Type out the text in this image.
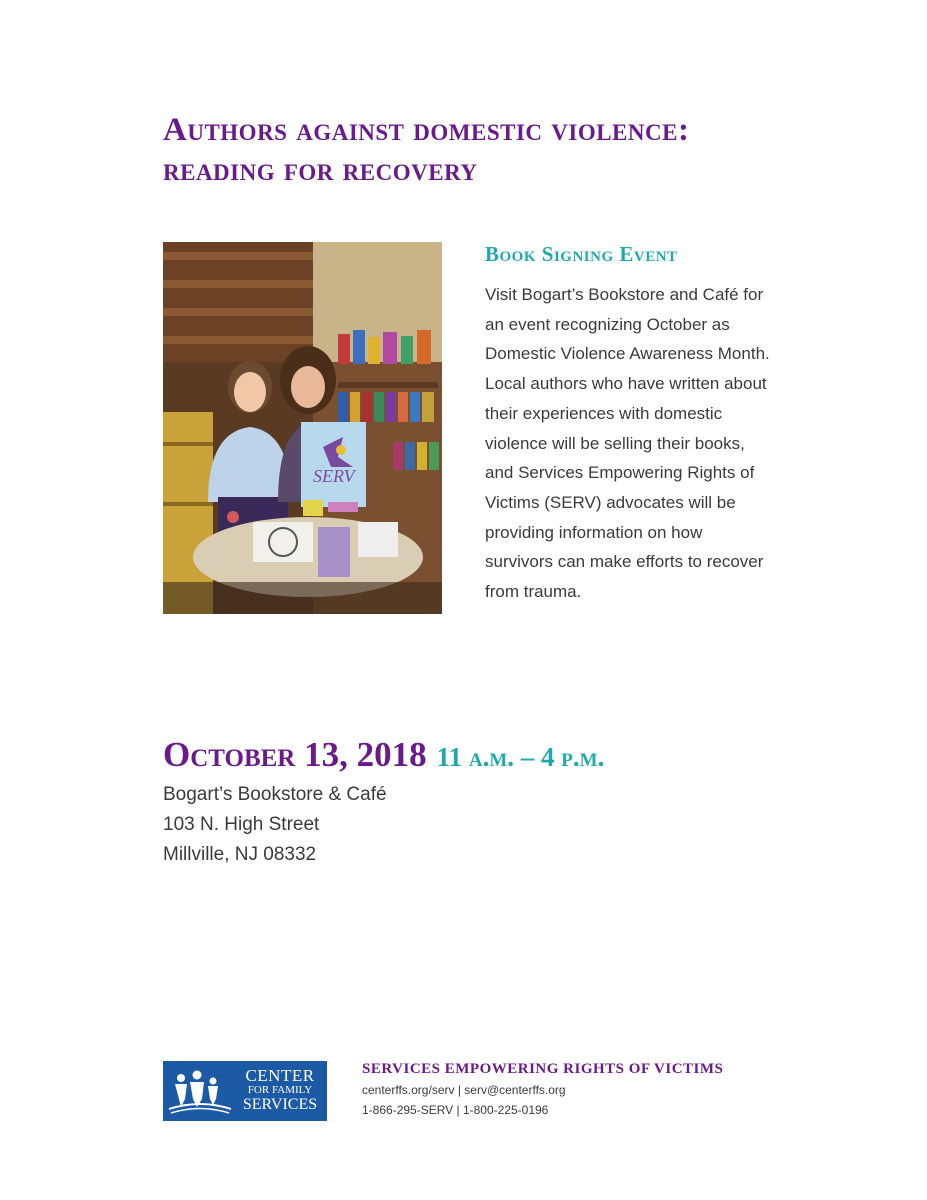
Authors against domestic violence: reading for recovery
SERV
Book Signing Event

Visit Bogart’s Bookstore and Café for an event recognizing October as Domestic Violence Awareness Month. Local authors who have written about their experiences with domestic violence will be selling their books, and Services Empowering Rights of Victims (SERV) advocates will be providing information on how survivors can make efforts to recover from trauma.

October 13, 2018 11 a.m. – 4 p.m.
Bogart’s Bookstore & Café
103 N. High Street
Millville, NJ 08332
CENTER
FOR FAMILY
SERVICES
SERVICES EMPOWERING RIGHTS OF VICTIMS
centerffs.org/serv | serv@centerffs.org
1-866-295-SERV | 1-800-225-0196
